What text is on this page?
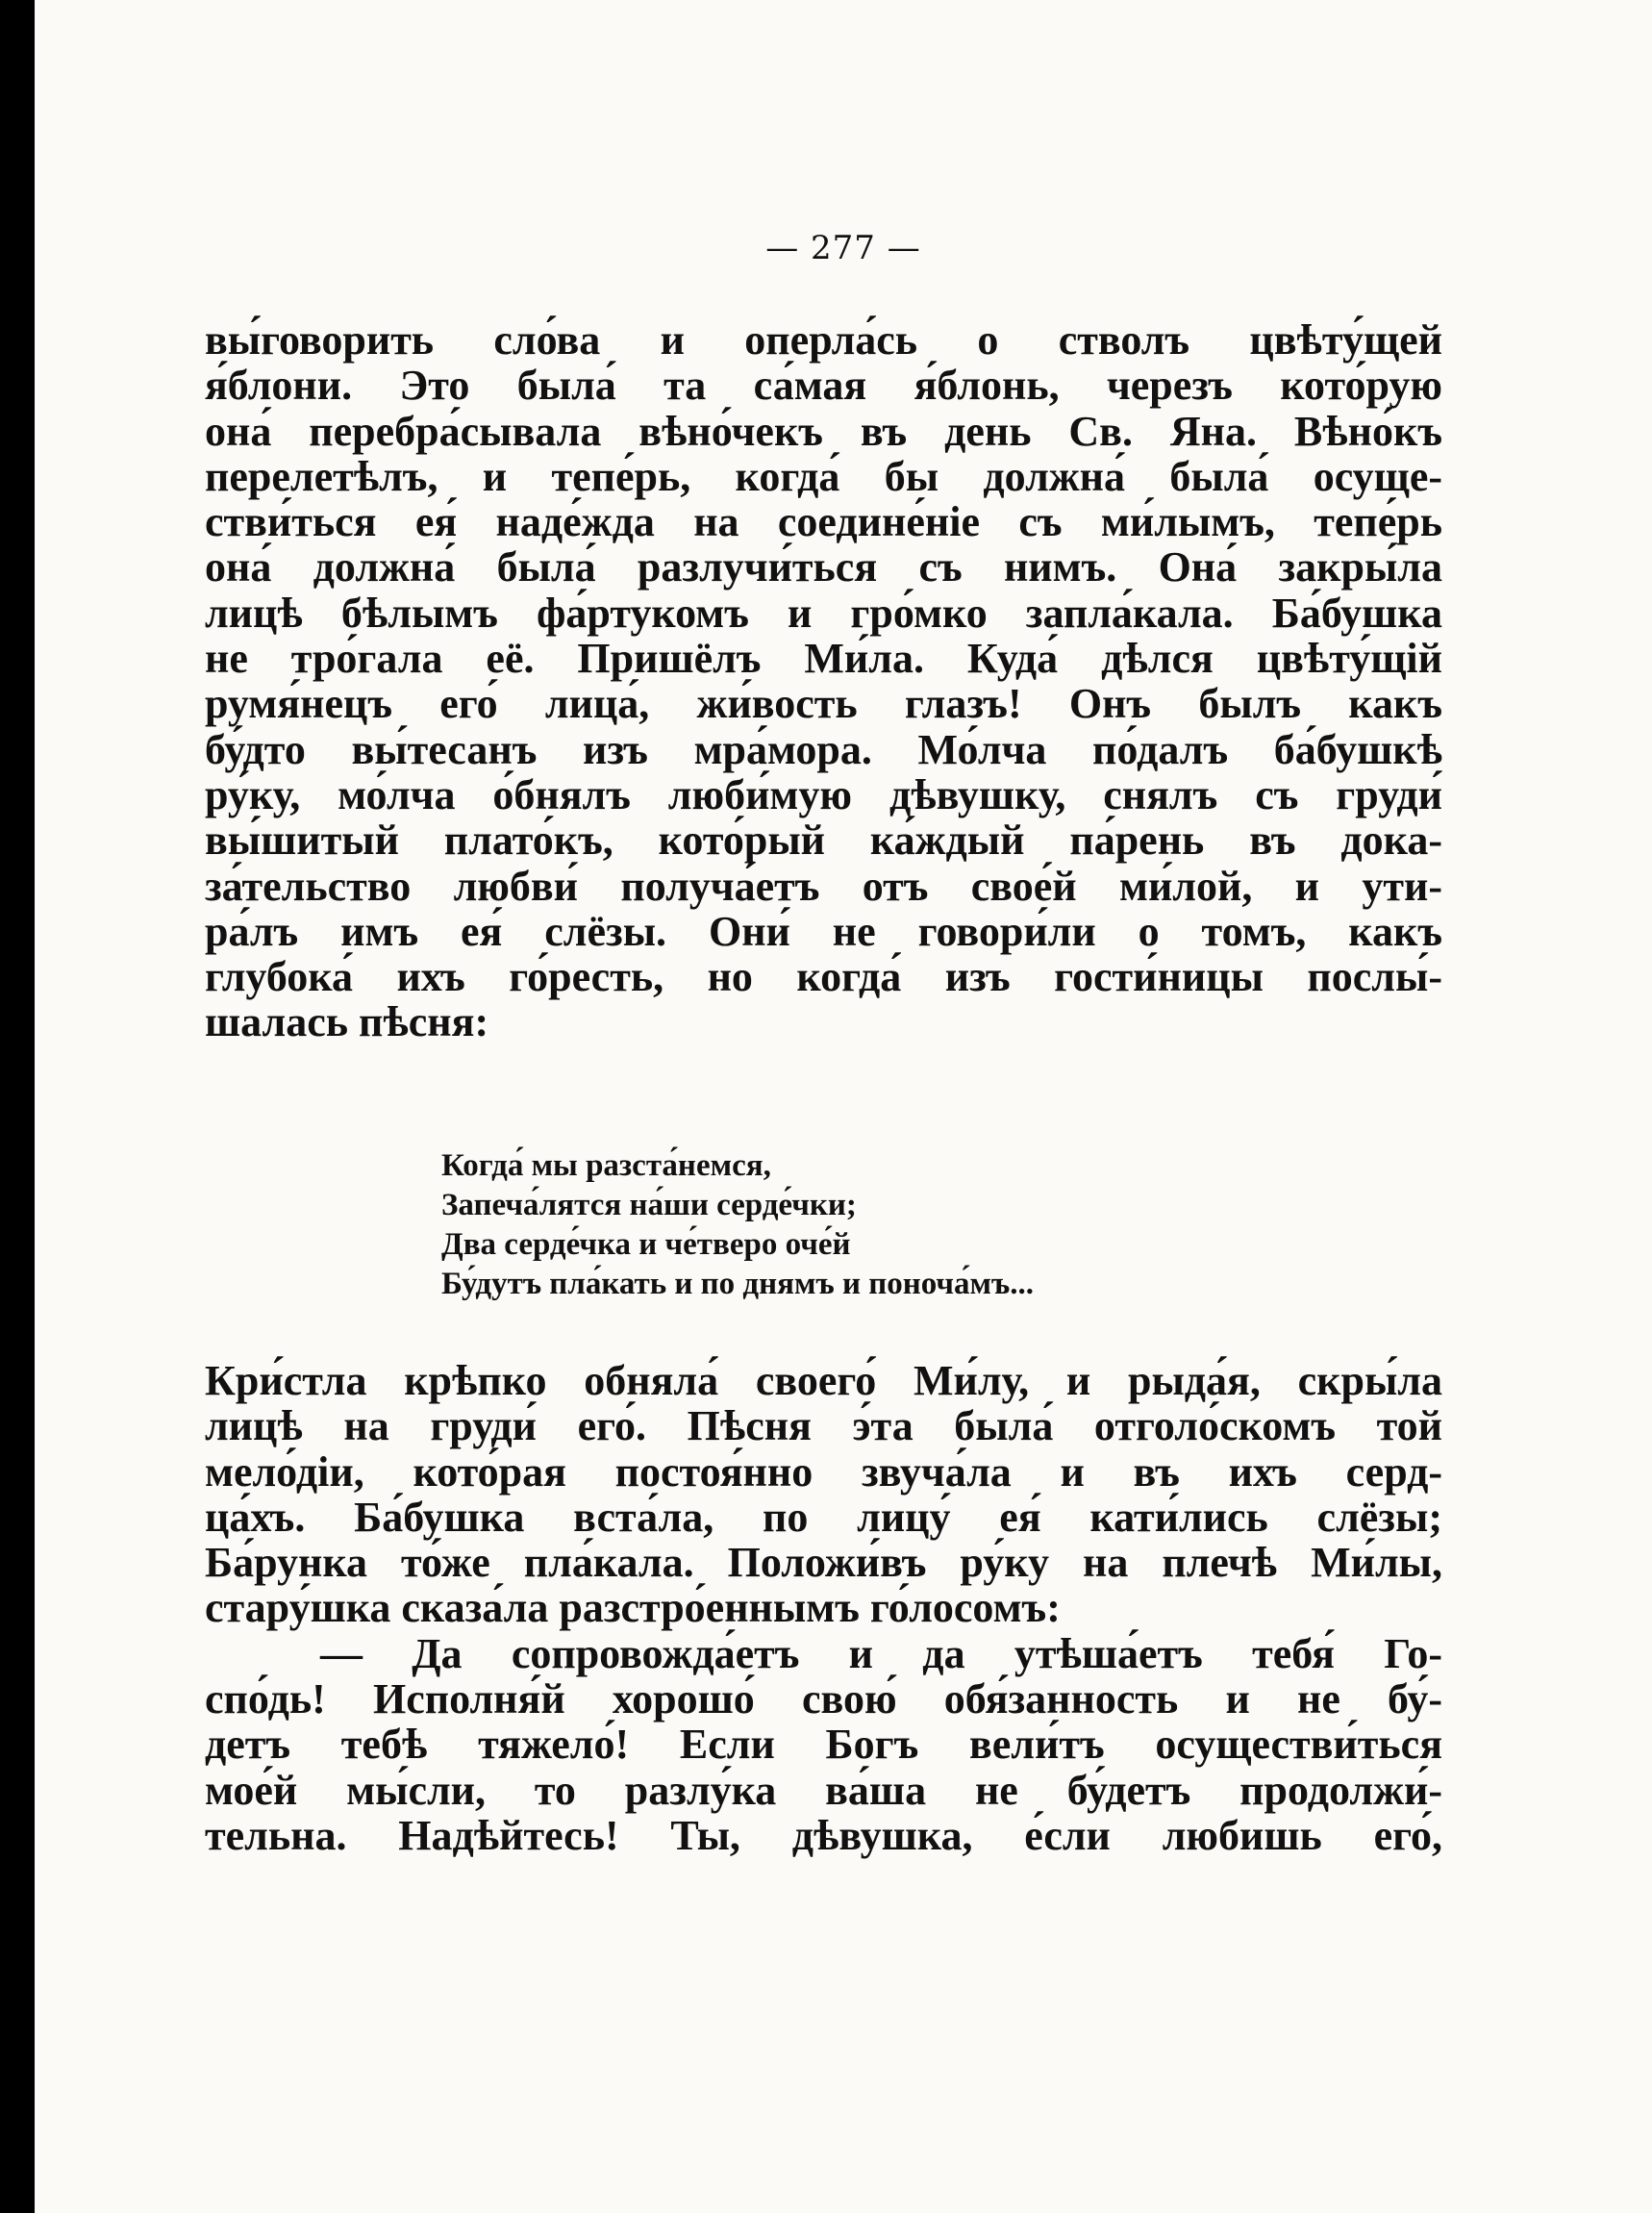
— 277 —
вы́говорить сло́ва и оперла́сь о стволъ цвѣту́щей
я́блони. Это была́ та са́мая я́блонь, черезъ кото́рую
она́ перебра́сывала вѣно́чекъ въ день Св. Яна. Вѣно́къ
перелетѣлъ, и тепе́рь, когда́ бы должна́ была́ осуще-
стви́ться ея́ наде́жда на соедине́ніе съ ми́лымъ, тепе́рь
она́ должна́ была́ разлучи́ться съ нимъ. Она́ закры́ла
лицѣ бѣлымъ фа́ртукомъ и гро́мко запла́кала. Ба́бушка
не тро́гала её. Пришёлъ Ми́ла. Куда́ дѣлся цвѣту́щій
румя́нецъ его́ лица́, жи́вость глазъ! Онъ былъ какъ
бу́дто вы́тесанъ изъ мра́мора. Мо́лча по́далъ ба́бушкѣ
ру́ку, мо́лча о́бнялъ люби́мую дѣвушку, снялъ съ груди́
вы́шитый плато́къ, кото́рый ка́ждый па́рень въ дока-
за́тельство любви́ получа́етъ отъ свое́й ми́лой, и ути-
ра́лъ имъ ея́ слёзы. Они́ не говори́ли о томъ, какъ
глубока́ ихъ го́ресть, но когда́ изъ гости́ницы послы́-
шалась пѣсня:
Когда́ мы разста́немся,
Запеча́лятся на́ши серде́чки;
Два серде́чка и че́тверо оче́й
Бу́дутъ пла́кать и по днямъ и поноча́мъ...
Кри́стла крѣпко обняла́ своего́ Ми́лу, и рыда́я, скры́ла
лицѣ на груди́ его́. Пѣсня э́та была́ отголо́скомъ той
мело́діи, кото́рая постоя́нно звуча́ла и въ ихъ серд-
ца́хъ. Ба́бушка вста́ла, по лицу́ ея́ кати́лись слёзы;
Ба́рунка то́же пла́кала. Положи́въ ру́ку на плечѣ Ми́лы,
стару́шка сказа́ла разстро́еннымъ го́лосомъ:
— Да сопровожда́етъ и да утѣша́етъ тебя́ Го-
спо́дь! Исполня́й хорошо́ свою́ обя́занность и не бу́-
детъ тебѣ тяжело́! Если Богъ вели́тъ осуществи́ться
мое́й мы́сли, то разлу́ка ва́ша не бу́детъ продолжи́-
тельна. Надѣйтесь! Ты, дѣвушка, е́сли любишь его́,
